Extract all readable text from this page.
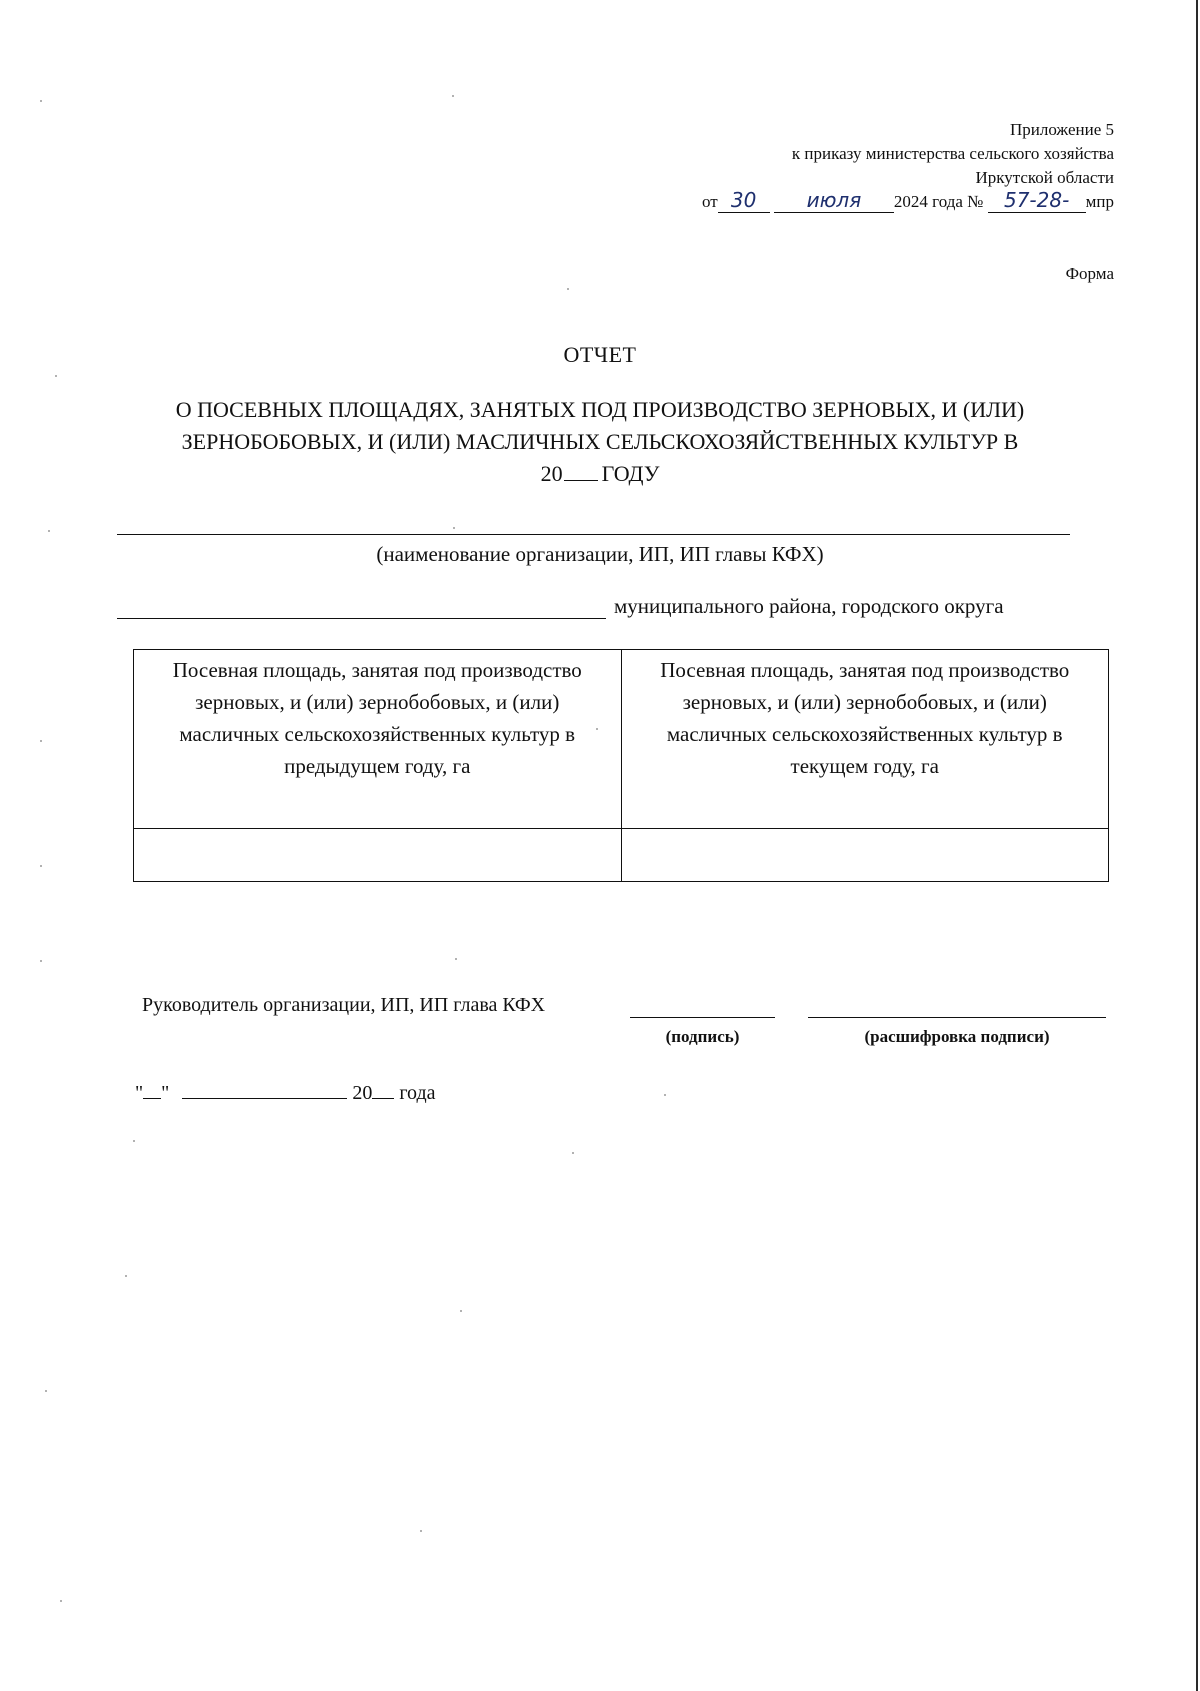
Приложение 5
к приказу министерства сельского хозяйства
Иркутской области
от 30	июля 2024 года № 57-28- мпр
Форма
ОТЧЕТ
О ПОСЕВНЫХ ПЛОЩАДЯХ, ЗАНЯТЫХ ПОД ПРОИЗВОДСТВО ЗЕРНОВЫХ, И (ИЛИ)
ЗЕРНОБОБОВЫХ, И (ИЛИ) МАСЛИЧНЫХ СЕЛЬСКОХОЗЯЙСТВЕННЫХ КУЛЬТУР В
20 ГОДУ
(наименование организации, ИП, ИП главы КФХ)
муниципального района, городского округа
Посевная площадь, занятая под производство зерновых, и (или) зернобобовых, и (или) масличных сельскохозяйственных культур в предыдущем году, га	Посевная площадь, занятая под производство зерновых, и (или) зернобобовых, и (или) масличных сельскохозяйственных культур в текущем году, га

Руководитель организации, ИП, ИП глава КФХ
(подпись)	(расшифровка подписи)
" "	20 года
